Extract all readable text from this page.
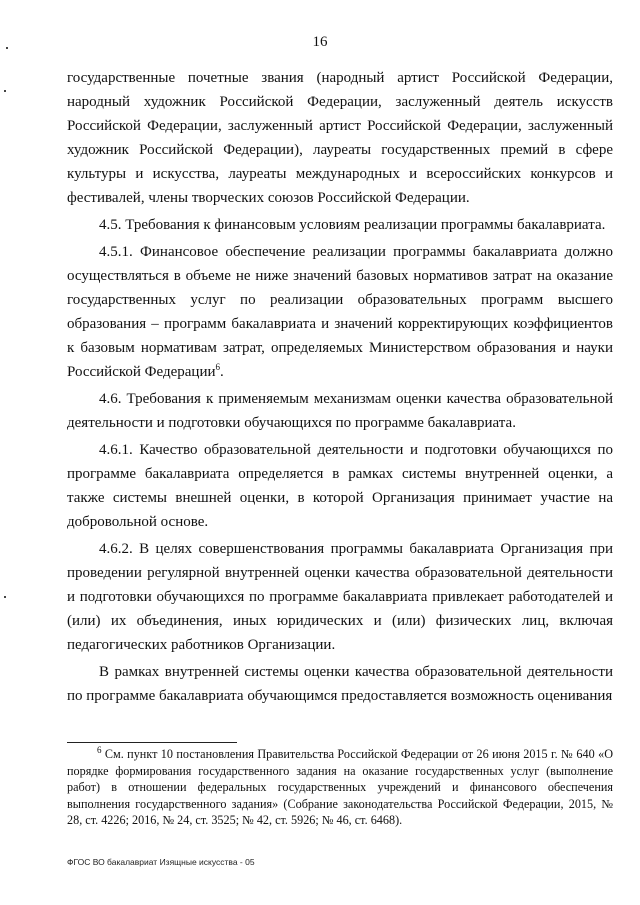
16

государственные почетные звания (народный артист Российской Федерации, народный художник Российской Федерации, заслуженный деятель искусств Российской Федерации, заслуженный артист Российской Федерации, заслуженный художник Российской Федерации), лауреаты государственных премий в сфере культуры и искусства, лауреаты международных и всероссийских конкурсов и фестивалей, члены творческих союзов Российской Федерации.

4.5. Требования к финансовым условиям реализации программы бакалавриата.

4.5.1. Финансовое обеспечение реализации программы бакалавриата должно осуществляться в объеме не ниже значений базовых нормативов затрат на оказание государственных услуг по реализации образовательных программ высшего образования – программ бакалавриата и значений корректирующих коэффициентов к базовым нормативам затрат, определяемых Министерством образования и науки Российской Федерации$^6$.

4.6. Требования к применяемым механизмам оценки качества образовательной деятельности и подготовки обучающихся по программе бакалавриата.

4.6.1. Качество образовательной деятельности и подготовки обучающихся по программе бакалавриата определяется в рамках системы внутренней оценки, а также системы внешней оценки, в которой Организация принимает участие на добровольной основе.

4.6.2. В целях совершенствования программы бакалавриата Организация при проведении регулярной внутренней оценки качества образовательной деятельности и подготовки обучающихся по программе бакалавриата привлекает работодателей и (или) их объединения, иных юридических и (или) физических лиц, включая педагогических работников Организации.

В рамках внутренней системы оценки качества образовательной деятельности по программе бакалавриата обучающимся предоставляется возможность оценивания

$^6$ См. пункт 10 постановления Правительства Российской Федерации от 26 июня 2015 г. № 640 «О порядке формирования государственного задания на оказание государственных услуг (выполнение работ) в отношении федеральных государственных учреждений и финансового обеспечения выполнения государственного задания» (Собрание законодательства Российской Федерации, 2015, № 28, ст. 4226; 2016, № 24, ст. 3525; № 42, ст. 5926; № 46, ст. 6468).

ФГОС ВО бакалавриат Изящные искусства - 05
